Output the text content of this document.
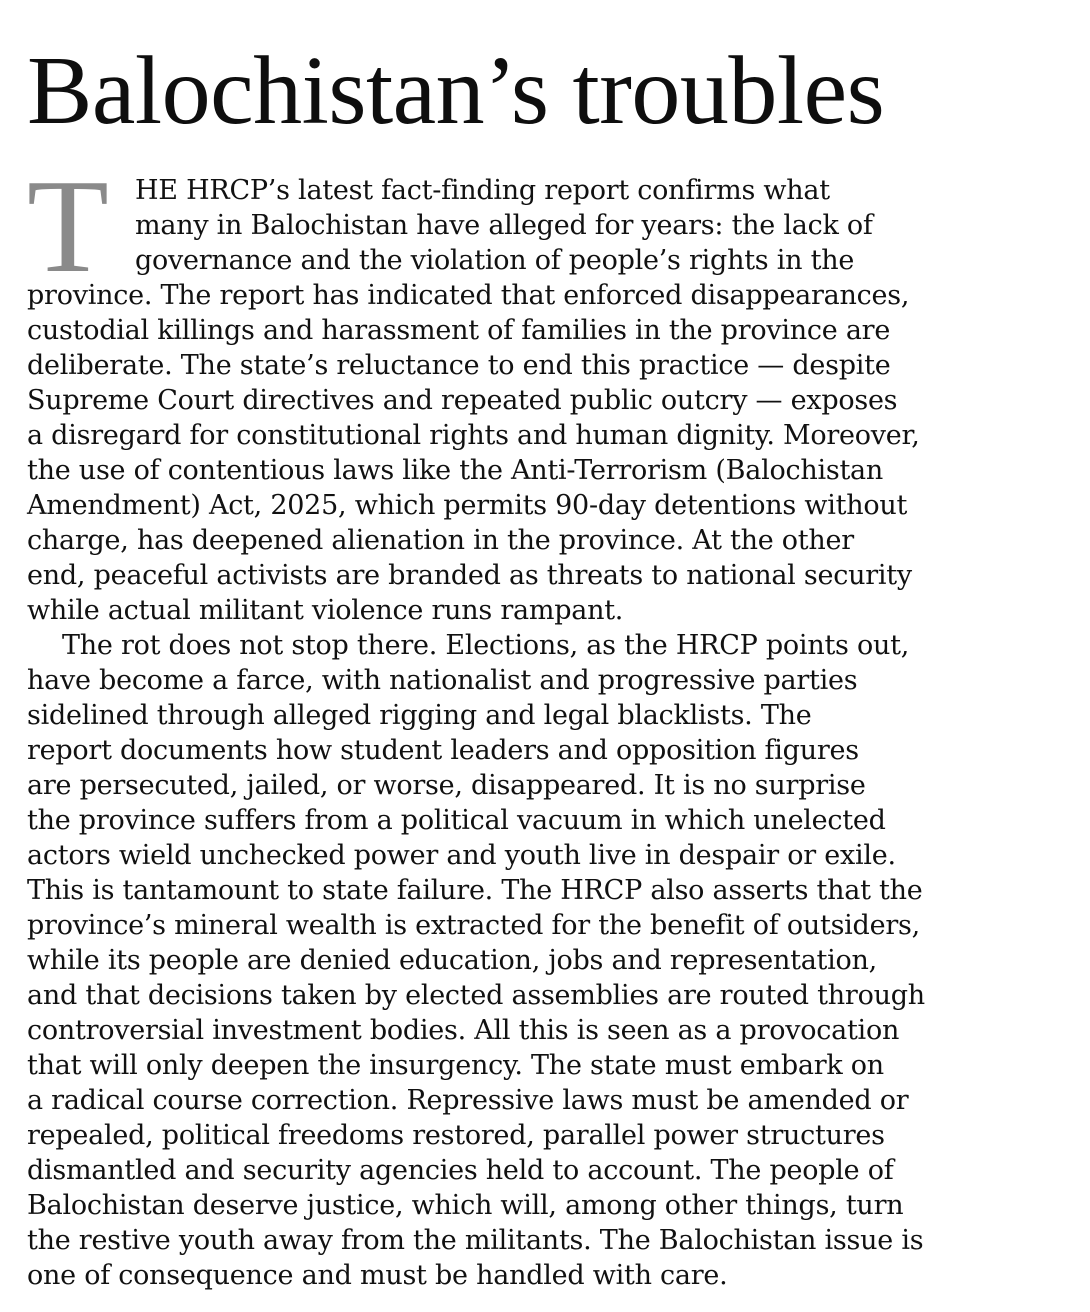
Balochistan’s troubles
T HE HRCP’s latest fact-finding report confirms what
many in Balochistan have alleged for years: the lack of
governance and the violation of people’s rights in the
province. The report has indicated that enforced disappearances,
custodial killings and harassment of families in the province are
deliberate. The state’s reluctance to end this practice — despite
Supreme Court directives and repeated public outcry — exposes
a disregard for constitutional rights and human dignity. Moreover,
the use of contentious laws like the Anti-Terrorism (Balochistan
Amendment) Act, 2025, which permits 90-day detentions without
charge, has deepened alienation in the province. At the other
end, peaceful activists are branded as threats to national security
while actual militant violence runs rampant.
The rot does not stop there. Elections, as the HRCP points out,
have become a farce, with nationalist and progressive parties
sidelined through alleged rigging and legal blacklists. The
report documents how student leaders and opposition figures
are persecuted, jailed, or worse, disappeared. It is no surprise
the province suffers from a political vacuum in which unelected
actors wield unchecked power and youth live in despair or exile.
This is tantamount to state failure. The HRCP also asserts that the
province’s mineral wealth is extracted for the benefit of outsiders,
while its people are denied education, jobs and representation,
and that decisions taken by elected assemblies are routed through
controversial investment bodies. All this is seen as a provocation
that will only deepen the insurgency. The state must embark on
a radical course correction. Repressive laws must be amended or
repealed, political freedoms restored, parallel power structures
dismantled and security agencies held to account. The people of
Balochistan deserve justice, which will, among other things, turn
the restive youth away from the militants. The Balochistan issue is
one of consequence and must be handled with care.
